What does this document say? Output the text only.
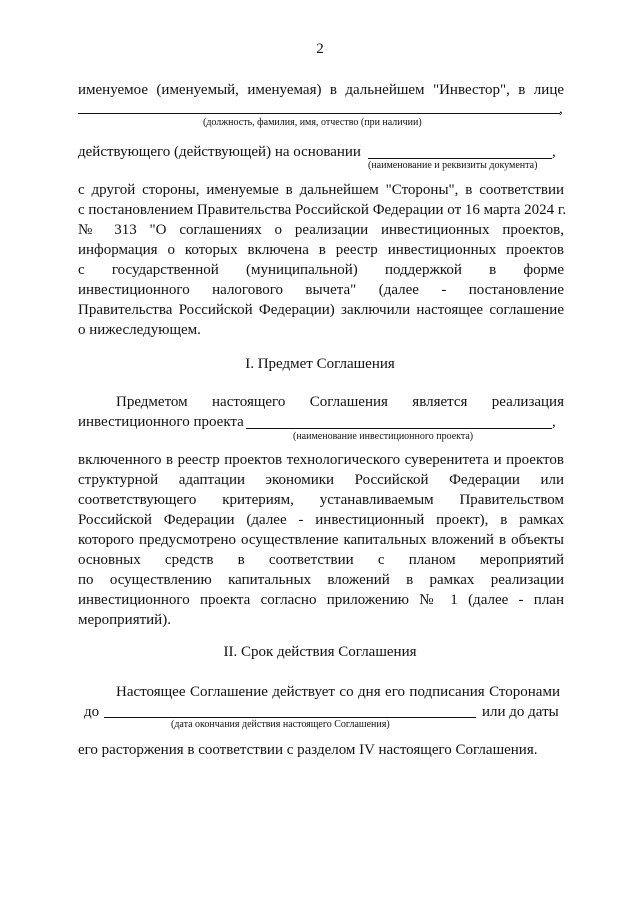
2
именуемое (именуемый, именуемая) в дальнейшем "Инвестор", в лице
,
(должность, фамилия, имя, отчество (при наличии)
действующего (действующей) на основании	,
(наименование и реквизиты документа)
с другой стороны, именуемые в дальнейшем "Стороны", в соответствии
с постановлением Правительства Российской Федерации от 16 марта 2024 г.
№ 313 "О соглашениях о реализации инвестиционных проектов,
информация о которых включена в реестр инвестиционных проектов
с государственной (муниципальной) поддержкой в форме
инвестиционного налогового вычета" (далее - постановление
Правительства Российской Федерации) заключили настоящее соглашение
о нижеследующем.
I. Предмет Соглашения
Предметом настоящего Соглашения является реализация
инвестиционного проекта	,
(наименование инвестиционного проекта)
включенного в реестр проектов технологического суверенитета и проектов
структурной адаптации экономики Российской Федерации или
соответствующего критериям, устанавливаемым Правительством
Российской Федерации (далее - инвестиционный проект), в рамках
которого предусмотрено осуществление капитальных вложений в объекты
основных средств в соответствии с планом мероприятий
по осуществлению капитальных вложений в рамках реализации
инвестиционного проекта согласно приложению № 1 (далее - план
мероприятий).
II. Срок действия Соглашения
Настоящее Соглашение действует со дня его подписания Сторонами
до	или до даты
(дата окончания действия настоящего Соглашения)
его расторжения в соответствии с разделом IV настоящего Соглашения.
